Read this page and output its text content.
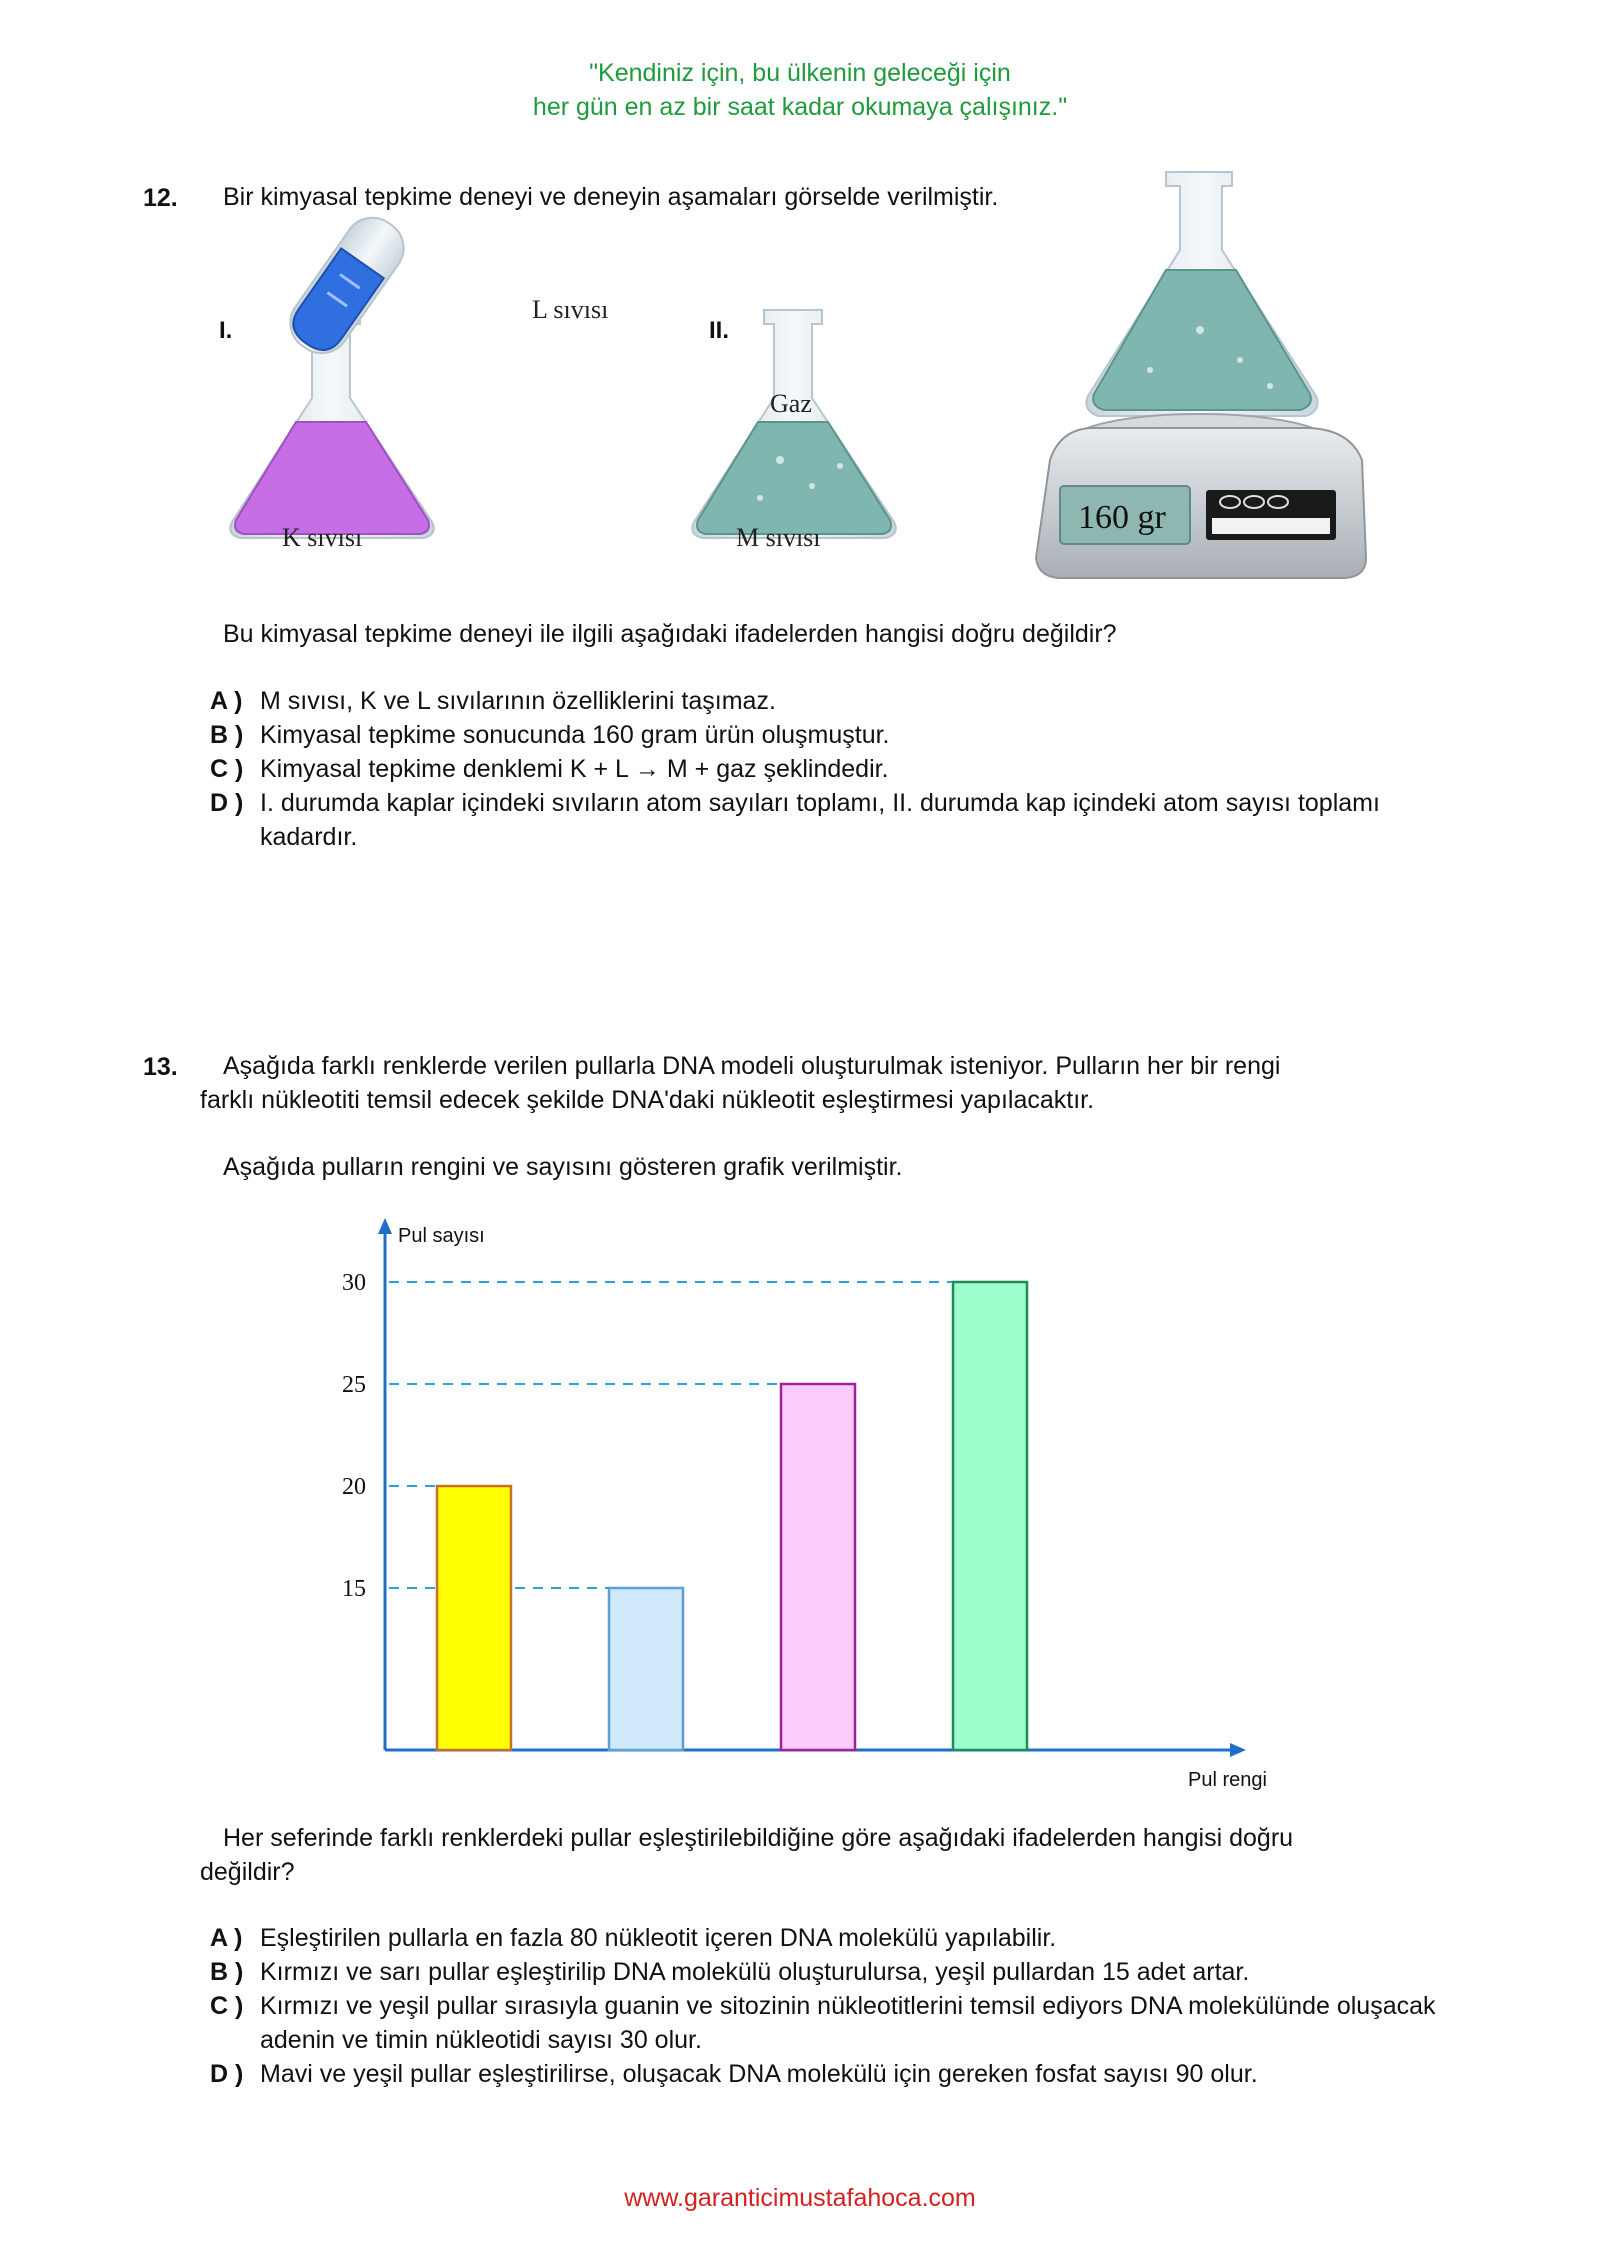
"Kendiniz için, bu ülkenin geleceği için
her gün en az bir saat kadar okumaya çalışınız."
12. Bir kimyasal tepkime deneyi ve deneyin aşamaları görselde verilmiştir.
I.	II.
K sıvısı
L sıvısı
Gaz
M sıvısı
160 gr
Bu kimyasal tepkime deneyi ile ilgili aşağıdaki ifadelerden hangisi doğru değildir?
A ) M sıvısı, K ve L sıvılarının özelliklerini taşımaz.
B ) Kimyasal tepkime sonucunda 160 gram ürün oluşmuştur.
C ) Kimyasal tepkime denklemi K + L → M + gaz şeklindedir.
D ) I. durumda kaplar içindeki sıvıların atom sayıları toplamı, II. durumda kap içindeki atom sayısı toplamı kadardır.
13. Aşağıda farklı renklerde verilen pullarla DNA modeli oluşturulmak isteniyor. Pulların her bir rengi
farklı nükleotiti temsil edecek şekilde DNA'daki nükleotit eşleştirmesi yapılacaktır.
Aşağıda pulların rengini ve sayısını gösteren grafik verilmiştir.
Pul sayısı
Pul rengi
15
20
25
30
Her seferinde farklı renklerdeki pullar eşleştirilebildiğine göre aşağıdaki ifadelerden hangisi doğru
değildir?
A ) Eşleştirilen pullarla en fazla 80 nükleotit içeren DNA molekülü yapılabilir.
B ) Kırmızı ve sarı pullar eşleştirilip DNA molekülü oluşturulursa, yeşil pullardan 15 adet artar.
C ) Kırmızı ve yeşil pullar sırasıyla guanin ve sitozinin nükleotitlerini temsil ediyors DNA molekülünde oluşacak adenin ve timin nükleotidi sayısı 30 olur.
D ) Mavi ve yeşil pullar eşleştirilirse, oluşacak DNA molekülü için gereken fosfat sayısı 90 olur.
www.garanticimustafahoca.com
